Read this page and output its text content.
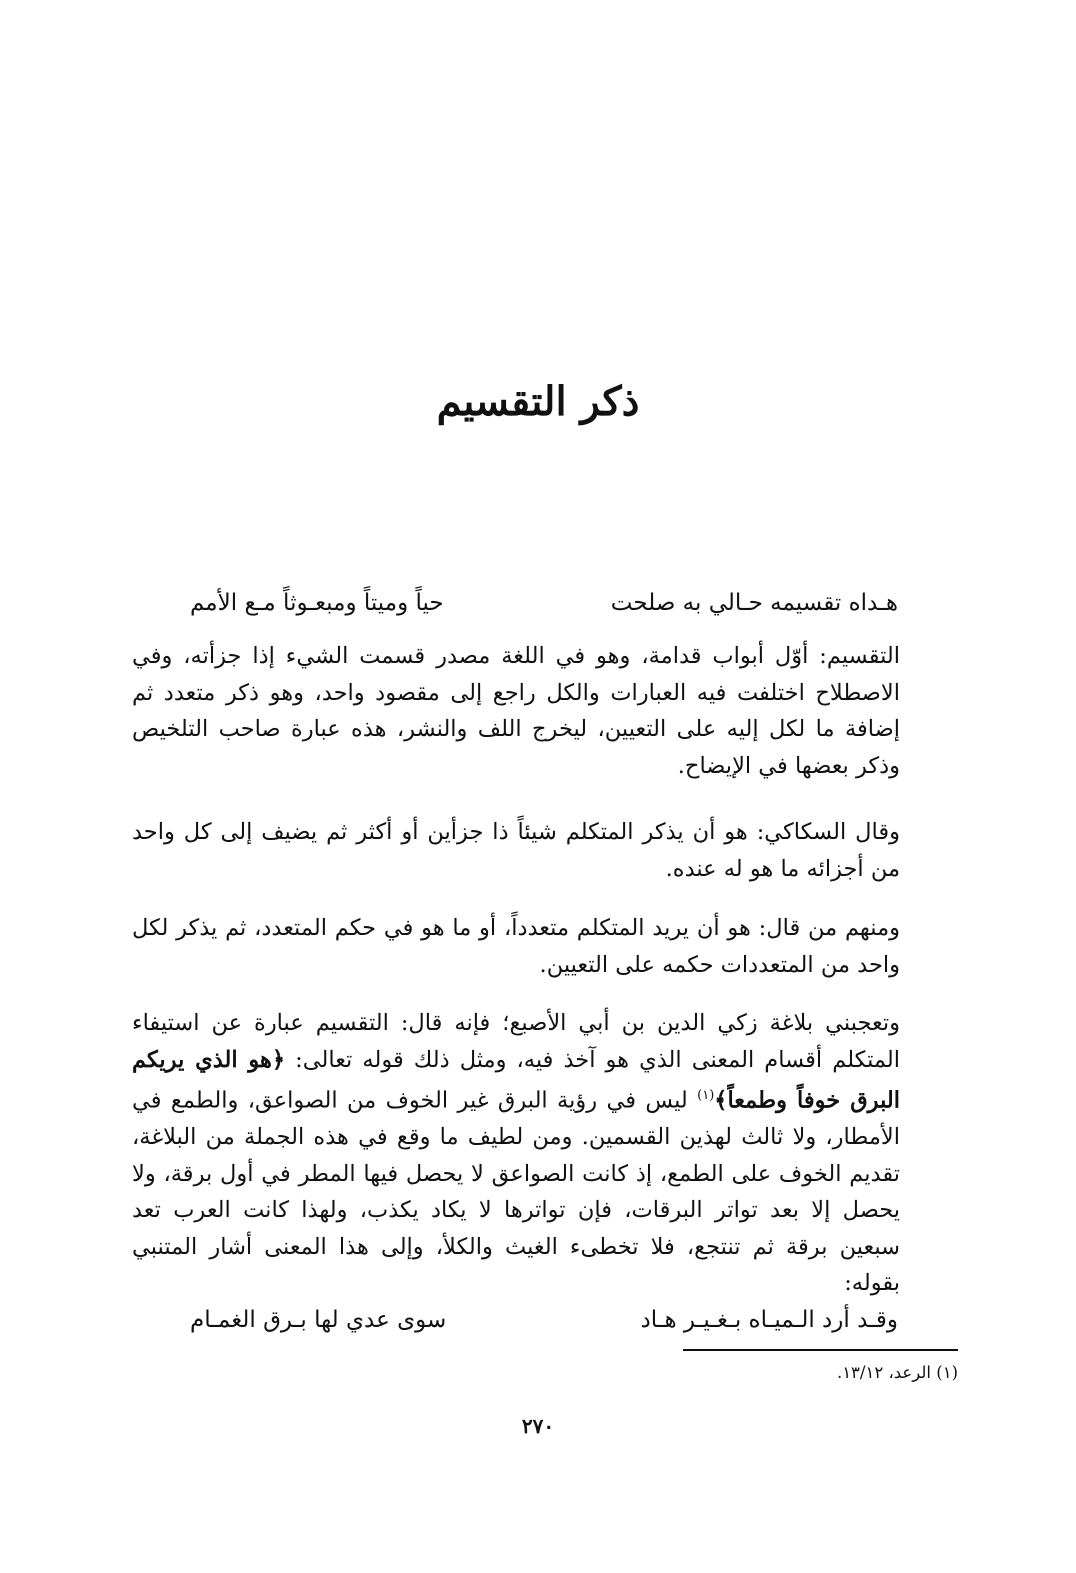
ذكر التقسيم
هـداه تقسيمه حـالي به صلحت
حياً وميتاً ومبعـوثاً مـع الأمم

التقسيم: أوّل أبواب قدامة، وهو في اللغة مصدر قسمت الشيء إذا جزأته، وفي الاصطلاح اختلفت فيه العبارات والكل راجع إلى مقصود واحد، وهو ذكر متعدد ثم إضافة ما لكل إليه على التعيين، ليخرج اللف والنشر، هذه عبارة صاحب التلخيص وذكر بعضها في الإيضاح.

وقال السكاكي: هو أن يذكر المتكلم شيئاً ذا جزأين أو أكثر ثم يضيف إلى كل واحد من أجزائه ما هو له عنده.

ومنهم من قال: هو أن يريد المتكلم متعدداً، أو ما هو في حكم المتعدد، ثم يذكر لكل واحد من المتعددات حكمه على التعيين.

وتعجبني بلاغة زكي الدين بن أبي الأصبع؛ فإنه قال: التقسيم عبارة عن استيفاء المتكلم أقسام المعنى الذي هو آخذ فيه، ومثل ذلك قوله تعالى: ﴿هو الذي يريكم البرق خوفاً وطمعاً﴾$^{(١)}$ ليس في رؤية البرق غير الخوف من الصواعق، والطمع في الأمطار، ولا ثالث لهذين القسمين. ومن لطيف ما وقع في هذه الجملة من البلاغة، تقديم الخوف على الطمع، إذ كانت الصواعق لا يحصل فيها المطر في أول برقة، ولا يحصل إلا بعد تواتر البرقات، فإن تواترها لا يكاد يكذب، ولهذا كانت العرب تعد سبعين برقة ثم تنتجع، فلا تخطىء الغيث والكلأ، وإلى هذا المعنى أشار المتنبي بقوله:

وقـد أرد الـميـاه بـغـيـر هـاد
سوى عدي لها بـرق الغمـام
(١) الرعد، ١٣/١٢.
٢٧٠
